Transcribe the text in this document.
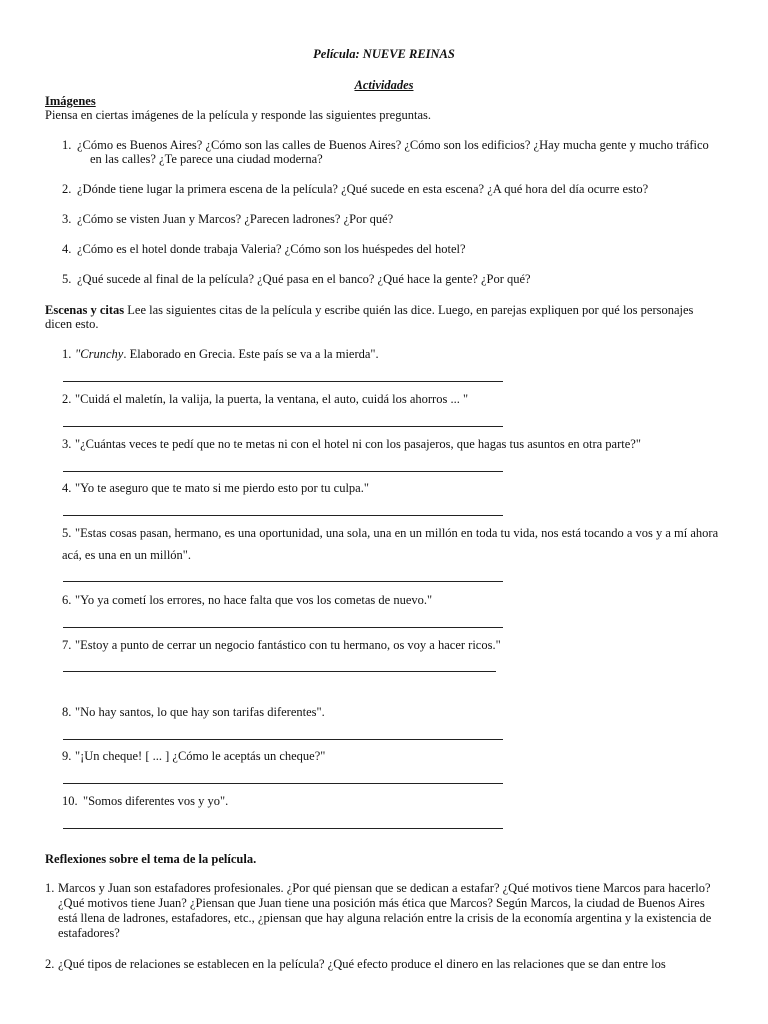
Película: NUEVE REINAS
Actividades
Imágenes
Piensa en ciertas imágenes de la película y responde las siguientes preguntas.
1. ¿Cómo es Buenos Aires? ¿Cómo son las calles de Buenos Aires? ¿Cómo son los edificios? ¿Hay mucha gente y mucho tráfico
en las calles? ¿Te parece una ciudad moderna?
2. ¿Dónde tiene lugar la primera escena de la película? ¿Qué sucede en esta escena? ¿A qué hora del día ocurre esto?
3. ¿Cómo se visten Juan y Marcos? ¿Parecen ladrones? ¿Por qué?
4. ¿Cómo es el hotel donde trabaja Valeria? ¿Cómo son los huéspedes del hotel?
5. ¿Qué sucede al final de la película? ¿Qué pasa en el banco? ¿Qué hace la gente? ¿Por qué?
Escenas y citas Lee las siguientes citas de la película y escribe quién las dice. Luego, en parejas expliquen por qué los personajes
dicen esto.
1. "Crunchy. Elaborado en Grecia. Este país se va a la mierda".
2. "Cuidá el maletín, la valija, la puerta, la ventana, el auto, cuidá los ahorros ... "
3. "¿Cuántas veces te pedí que no te metas ni con el hotel ni con los pasajeros, que hagas tus asuntos en otra parte?"
4. "Yo te aseguro que te mato si me pierdo esto por tu culpa."
5. "Estas cosas pasan, hermano, es una oportunidad, una sola, una en un millón en toda tu vida, nos está tocando a vos y a mí ahora
acá, es una en un millón".
6. "Yo ya cometí los errores, no hace falta que vos los cometas de nuevo."
7. "Estoy a punto de cerrar un negocio fantástico con tu hermano, os voy a hacer ricos."
8. "No hay santos, lo que hay son tarifas diferentes".
9. "¡Un cheque! [ ... ] ¿Cómo le aceptás un cheque?"
10. "Somos diferentes vos y yo".
Reflexiones sobre el tema de la película.
1. Marcos y Juan son estafadores profesionales. ¿Por qué piensan que se dedican a estafar? ¿Qué motivos tiene Marcos para hacerlo?
¿Qué motivos tiene Juan? ¿Piensan que Juan tiene una posición más ética que Marcos? Según Marcos, la ciudad de Buenos Aires
está llena de ladrones, estafadores, etc., ¿piensan que hay alguna relación entre la crisis de la economía argentina y la existencia de
estafadores?
2. ¿Qué tipos de relaciones se establecen en la película? ¿Qué efecto produce el dinero en las relaciones que se dan entre los
